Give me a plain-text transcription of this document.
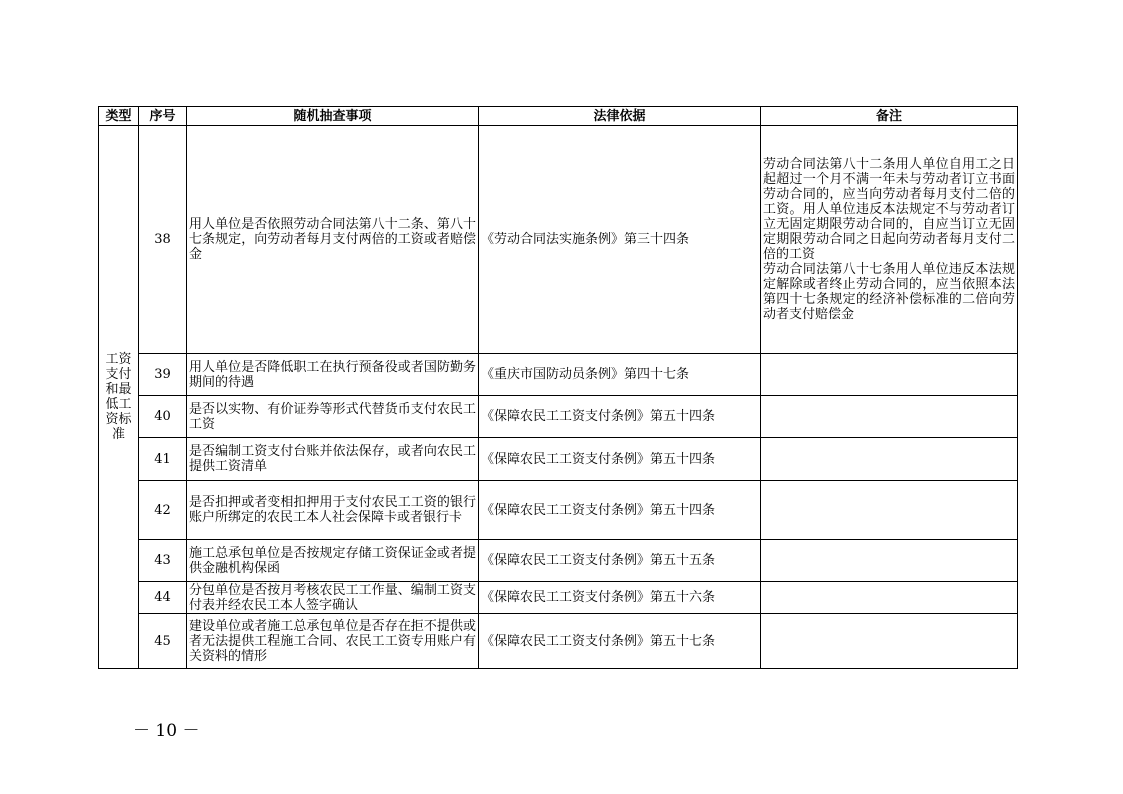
类型	序号	随机抽查事项	法律依据	备注
工资支付和最低工资标准	38	用人单位是否依照劳动合同法第八十二条、第八十七条规定，向劳动者每月支付两倍的工资或者赔偿金	《劳动合同法实施条例》第三十四条	劳动合同法第八十二条用人单位自用工之日起超过一个月不满一年未与劳动者订立书面劳动合同的，应当向劳动者每月支付二倍的工资。用人单位违反本法规定不与劳动者订立无固定期限劳动合同的，自应当订立无固定期限劳动合同之日起向劳动者每月支付二倍的工资
劳动合同法第八十七条用人单位违反本法规定解除或者终止劳动合同的，应当依照本法第四十七条规定的经济补偿标准的二倍向劳动者支付赔偿金

	39	用人单位是否降低职工在执行预备役或者国防勤务期间的待遇	《重庆市国防动员条例》第四十七条	
	40	是否以实物、有价证券等形式代替货币支付农民工工资	《保障农民工工资支付条例》第五十四条	
	41	是否编制工资支付台账并依法保存，或者向农民工提供工资清单	《保障农民工工资支付条例》第五十四条	
	42	是否扣押或者变相扣押用于支付农民工工资的银行账户所绑定的农民工本人社会保障卡或者银行卡	《保障农民工工资支付条例》第五十四条	
	43	施工总承包单位是否按规定存储工资保证金或者提供金融机构保函	《保障农民工工资支付条例》第五十五条	
	44	分包单位是否按月考核农民工工作量、编制工资支付表并经农民工本人签字确认	《保障农民工工资支付条例》第五十六条	
	45	建设单位或者施工总承包单位是否存在拒不提供或者无法提供工程施工合同、农民工工资专用账户有关资料的情形	《保障农民工工资支付条例》第五十七条	
－ 10 －
